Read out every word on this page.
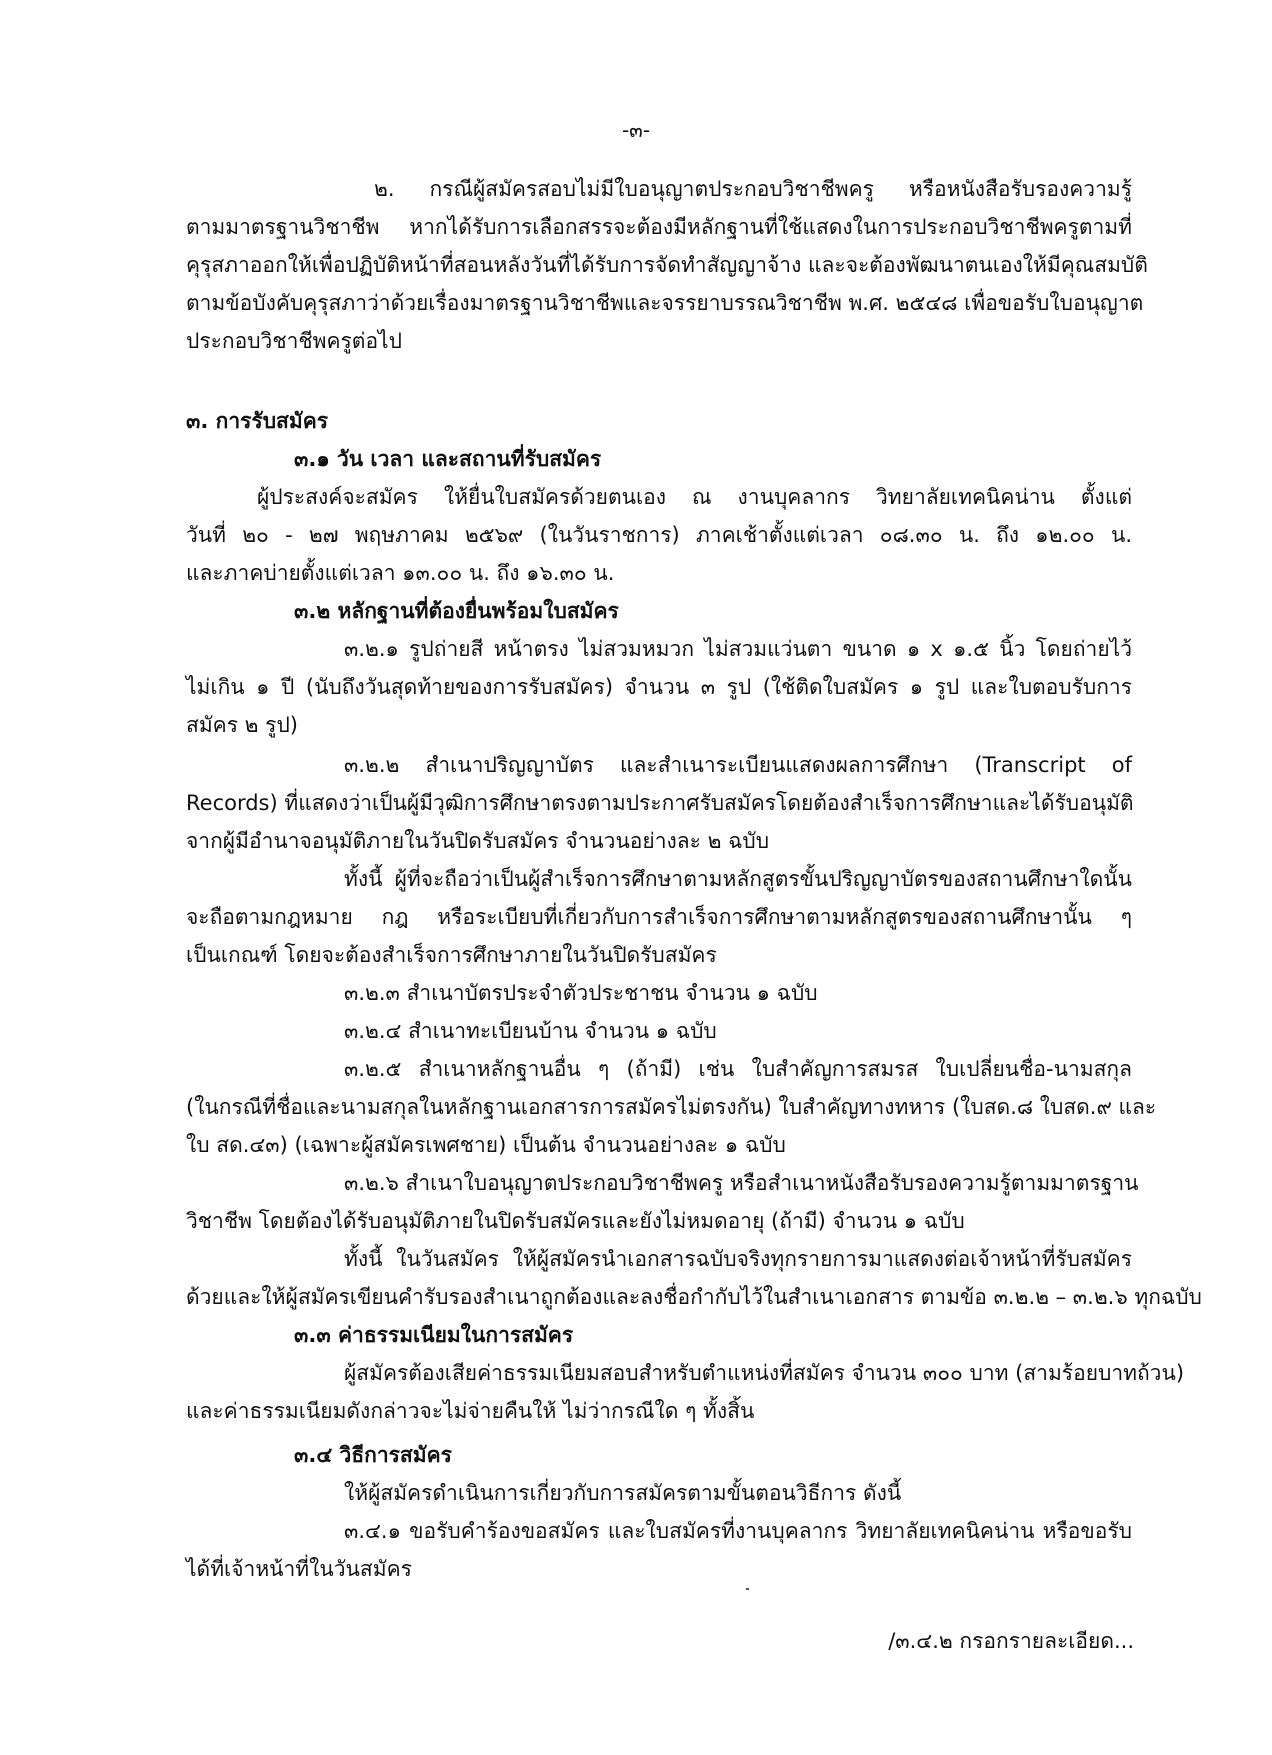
-๓-

๒. กรณีผู้สมัครสอบไม่มีใบอนุญาตประกอบวิชาชีพครู หรือหนังสือรับรองความรู้

ตามมาตรฐานวิชาชีพ หากได้รับการเลือกสรรจะต้องมีหลักฐานที่ใช้แสดงในการประกอบวิชาชีพครูตามที่

คุรุสภาออกให้เพื่อปฏิบัติหน้าที่สอนหลังวันที่ได้รับการจัดทำสัญญาจ้าง และจะต้องพัฒนาตนเองให้มีคุณสมบัติ

ตามข้อบังคับคุรุสภาว่าด้วยเรื่องมาตรฐานวิชาชีพและจรรยาบรรณวิชาชีพ พ.ศ. ๒๕๔๘ เพื่อขอรับใบอนุญาต

ประกอบวิชาชีพครูต่อไป

๓. การรับสมัคร

๓.๑ วัน เวลา และสถานที่รับสมัคร

ผู้ประสงค์จะสมัคร ให้ยื่นใบสมัครด้วยตนเอง ณ งานบุคลากร วิทยาลัยเทคนิคน่าน ตั้งแต่

วันที่ ๒๐ - ๒๗ พฤษภาคม ๒๕๖๙ (ในวันราชการ) ภาคเช้าตั้งแต่เวลา ๐๘.๓๐ น. ถึง ๑๒.๐๐ น.

และภาคบ่ายตั้งแต่เวลา ๑๓.๐๐ น. ถึง ๑๖.๓๐ น.

๓.๒ หลักฐานที่ต้องยื่นพร้อมใบสมัคร

๓.๒.๑ รูปถ่ายสี หน้าตรง ไม่สวมหมวก ไม่สวมแว่นตา ขนาด ๑ x ๑.๕ นิ้ว โดยถ่ายไว้

ไม่เกิน ๑ ปี (นับถึงวันสุดท้ายของการรับสมัคร) จำนวน ๓ รูป (ใช้ติดใบสมัคร ๑ รูป และใบตอบรับการ

สมัคร ๒ รูป)

๓.๒.๒ สำเนาปริญญาบัตร และสำเนาระเบียนแสดงผลการศึกษา (Transcript of

Records) ที่แสดงว่าเป็นผู้มีวุฒิการศึกษาตรงตามประกาศรับสมัครโดยต้องสำเร็จการศึกษาและได้รับอนุมัติ

จากผู้มีอำนาจอนุมัติภายในวันปิดรับสมัคร จำนวนอย่างละ ๒ ฉบับ

ทั้งนี้ ผู้ที่จะถือว่าเป็นผู้สำเร็จการศึกษาตามหลักสูตรขั้นปริญญาบัตรของสถานศึกษาใดนั้น

จะถือตามกฎหมาย กฎ หรือระเบียบที่เกี่ยวกับการสำเร็จการศึกษาตามหลักสูตรของสถานศึกษานั้น ๆ

เป็นเกณฑ์ โดยจะต้องสำเร็จการศึกษาภายในวันปิดรับสมัคร

๓.๒.๓ สำเนาบัตรประจำตัวประชาชน จำนวน ๑ ฉบับ

๓.๒.๔ สำเนาทะเบียนบ้าน จำนวน ๑ ฉบับ

๓.๒.๕ สำเนาหลักฐานอื่น ๆ (ถ้ามี) เช่น ใบสำคัญการสมรส ใบเปลี่ยนชื่อ-นามสกุล

(ในกรณีที่ชื่อและนามสกุลในหลักฐานเอกสารการสมัครไม่ตรงกัน) ใบสำคัญทางทหาร (ใบสด.๘ ใบสด.๙ และ

ใบ สด.๔๓) (เฉพาะผู้สมัครเพศชาย) เป็นต้น จำนวนอย่างละ ๑ ฉบับ

๓.๒.๖ สำเนาใบอนุญาตประกอบวิชาชีพครู หรือสำเนาหนังสือรับรองความรู้ตามมาตรฐาน

วิชาชีพ โดยต้องได้รับอนุมัติภายในปิดรับสมัครและยังไม่หมดอายุ (ถ้ามี) จำนวน ๑ ฉบับ

ทั้งนี้ ในวันสมัคร ให้ผู้สมัครนำเอกสารฉบับจริงทุกรายการมาแสดงต่อเจ้าหน้าที่รับสมัคร

ด้วยและให้ผู้สมัครเขียนคำรับรองสำเนาถูกต้องและลงชื่อกำกับไว้ในสำเนาเอกสาร ตามข้อ ๓.๒.๒ – ๓.๒.๖ ทุกฉบับ

๓.๓ ค่าธรรมเนียมในการสมัคร

ผู้สมัครต้องเสียค่าธรรมเนียมสอบสำหรับตำแหน่งที่สมัคร จำนวน ๓๐๐ บาท (สามร้อยบาทถ้วน)

และค่าธรรมเนียมดังกล่าวจะไม่จ่ายคืนให้ ไม่ว่ากรณีใด ๆ ทั้งสิ้น

๓.๔ วิธีการสมัคร

ให้ผู้สมัครดำเนินการเกี่ยวกับการสมัครตามขั้นตอนวิธีการ ดังนี้

๓.๔.๑ ขอรับคำร้องขอสมัคร และใบสมัครที่งานบุคลากร วิทยาลัยเทคนิคน่าน หรือขอรับ

ได้ที่เจ้าหน้าที่ในวันสมัคร

/๓.๔.๒ กรอกรายละเอียด...
